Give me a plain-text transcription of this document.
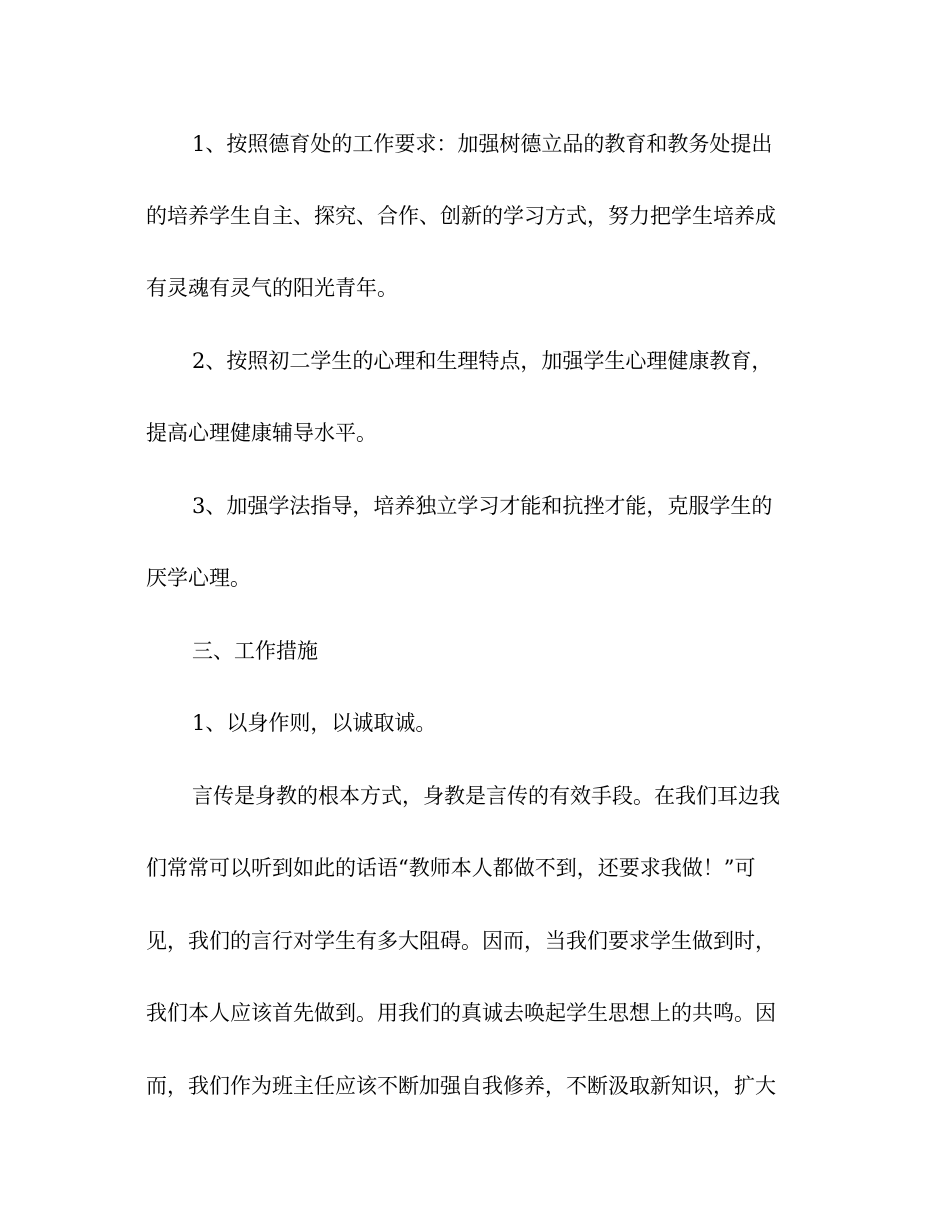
1、按照德育处的工作要求：加强树德立品的教育和教务处提出
的培养学生自主、探究、合作、创新的学习方式，努力把学生培养成
有灵魂有灵气的阳光青年。
2、按照初二学生的心理和生理特点，加强学生心理健康教育，
提高心理健康辅导水平。
3、加强学法指导，培养独立学习才能和抗挫才能，克服学生的
厌学心理。
三、工作措施
1、以身作则，以诚取诚。
言传是身教的根本方式，身教是言传的有效手段。在我们耳边我
们常常可以听到如此的话语“教师本人都做不到，还要求我做！”可
见，我们的言行对学生有多大阻碍。因而，当我们要求学生做到时，
我们本人应该首先做到。用我们的真诚去唤起学生思想上的共鸣。因
而，我们作为班主任应该不断加强自我修养，不断汲取新知识，扩大
